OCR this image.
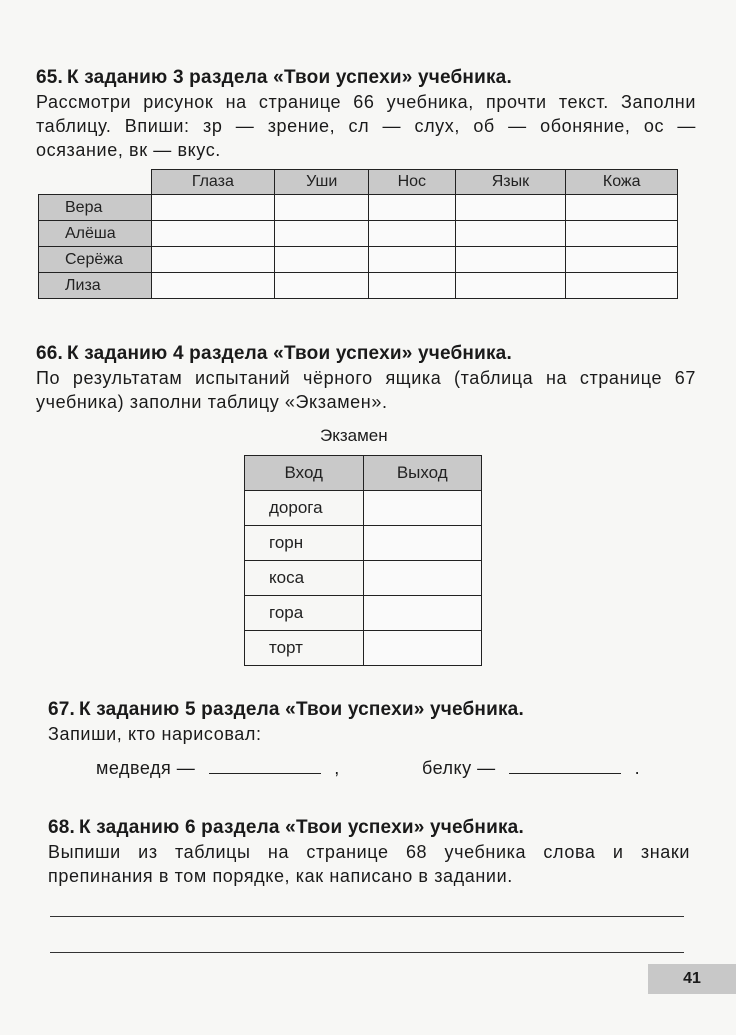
65. К заданию 3 раздела «Твои успехи» учебника.

Рассмотри рисунок на странице 66 учебника, прочти текст. Заполни таблицу. Впиши: зр — зрение, сл — слух, об — обоняние, ос — осязание, вк — вкус.

	Глаза	Уши	Нос	Язык	Кожа
Вера					
Алёша					
Серёжа					
Лиза					

66. К заданию 4 раздела «Твои успехи» учебника.

По результатам испытаний чёрного ящика (таблица на странице 67 учебника) заполни таблицу «Экзамен».

Экзамен
Вход	Выход
дорога	
горн	
коса	
гора	
торт	

67. К заданию 5 раздела «Твои успехи» учебника.

Запиши, кто нарисовал:

медведя —	,	белку —	.

68. К заданию 6 раздела «Твои успехи» учебника.

Выпиши из таблицы на странице 68 учебника слова и знаки препинания в том порядке, как написано в задании.

41
